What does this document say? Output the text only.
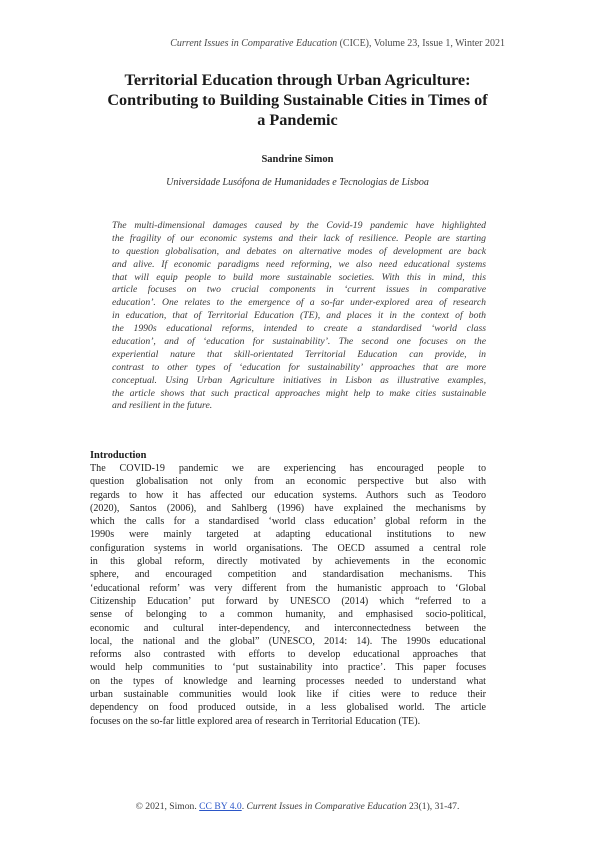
Current Issues in Comparative Education (CICE), Volume 23, Issue 1, Winter 2021
Territorial Education through Urban Agriculture:
Contributing to Building Sustainable Cities in Times of
a Pandemic
Sandrine Simon
Universidade Lusófona de Humanidades e Tecnologias de Lisboa
The multi-dimensional damages caused by the Covid-19 pandemic have highlighted
the fragility of our economic systems and their lack of resilience. People are starting
to question globalisation, and debates on alternative modes of development are back
and alive. If economic paradigms need reforming, we also need educational systems
that will equip people to build more sustainable societies. With this in mind, this
article focuses on two crucial components in ‘current issues in comparative
education’. One relates to the emergence of a so-far under-explored area of research
in education, that of Territorial Education (TE), and places it in the context of both
the 1990s educational reforms, intended to create a standardised ‘world class
education’, and of ‘education for sustainability’. The second one focuses on the
experiential nature that skill-orientated Territorial Education can provide, in
contrast to other types of ‘education for sustainability’ approaches that are more
conceptual. Using Urban Agriculture initiatives in Lisbon as illustrative examples,
the article shows that such practical approaches might help to make cities sustainable
and resilient in the future.
Introduction
The COVID-19 pandemic we are experiencing has encouraged people to
question globalisation not only from an economic perspective but also with
regards to how it has affected our education systems. Authors such as Teodoro
(2020), Santos (2006), and Sahlberg (1996) have explained the mechanisms by
which the calls for a standardised ‘world class education’ global reform in the
1990s were mainly targeted at adapting educational institutions to new
configuration systems in world organisations. The OECD assumed a central role
in this global reform, directly motivated by achievements in the economic
sphere, and encouraged competition and standardisation mechanisms. This
‘educational reform’ was very different from the humanistic approach to ‘Global
Citizenship Education’ put forward by UNESCO (2014) which “referred to a
sense of belonging to a common humanity, and emphasised socio-political,
economic and cultural inter-dependency, and interconnectedness between the
local, the national and the global” (UNESCO, 2014: 14). The 1990s educational
reforms also contrasted with efforts to develop educational approaches that
would help communities to ‘put sustainability into practice’. This paper focuses
on the types of knowledge and learning processes needed to understand what
urban sustainable communities would look like if cities were to reduce their
dependency on food produced outside, in a less globalised world. The article
focuses on the so-far little explored area of research in Territorial Education (TE).
© 2021, Simon. CC BY 4.0. Current Issues in Comparative Education 23(1), 31-47.
